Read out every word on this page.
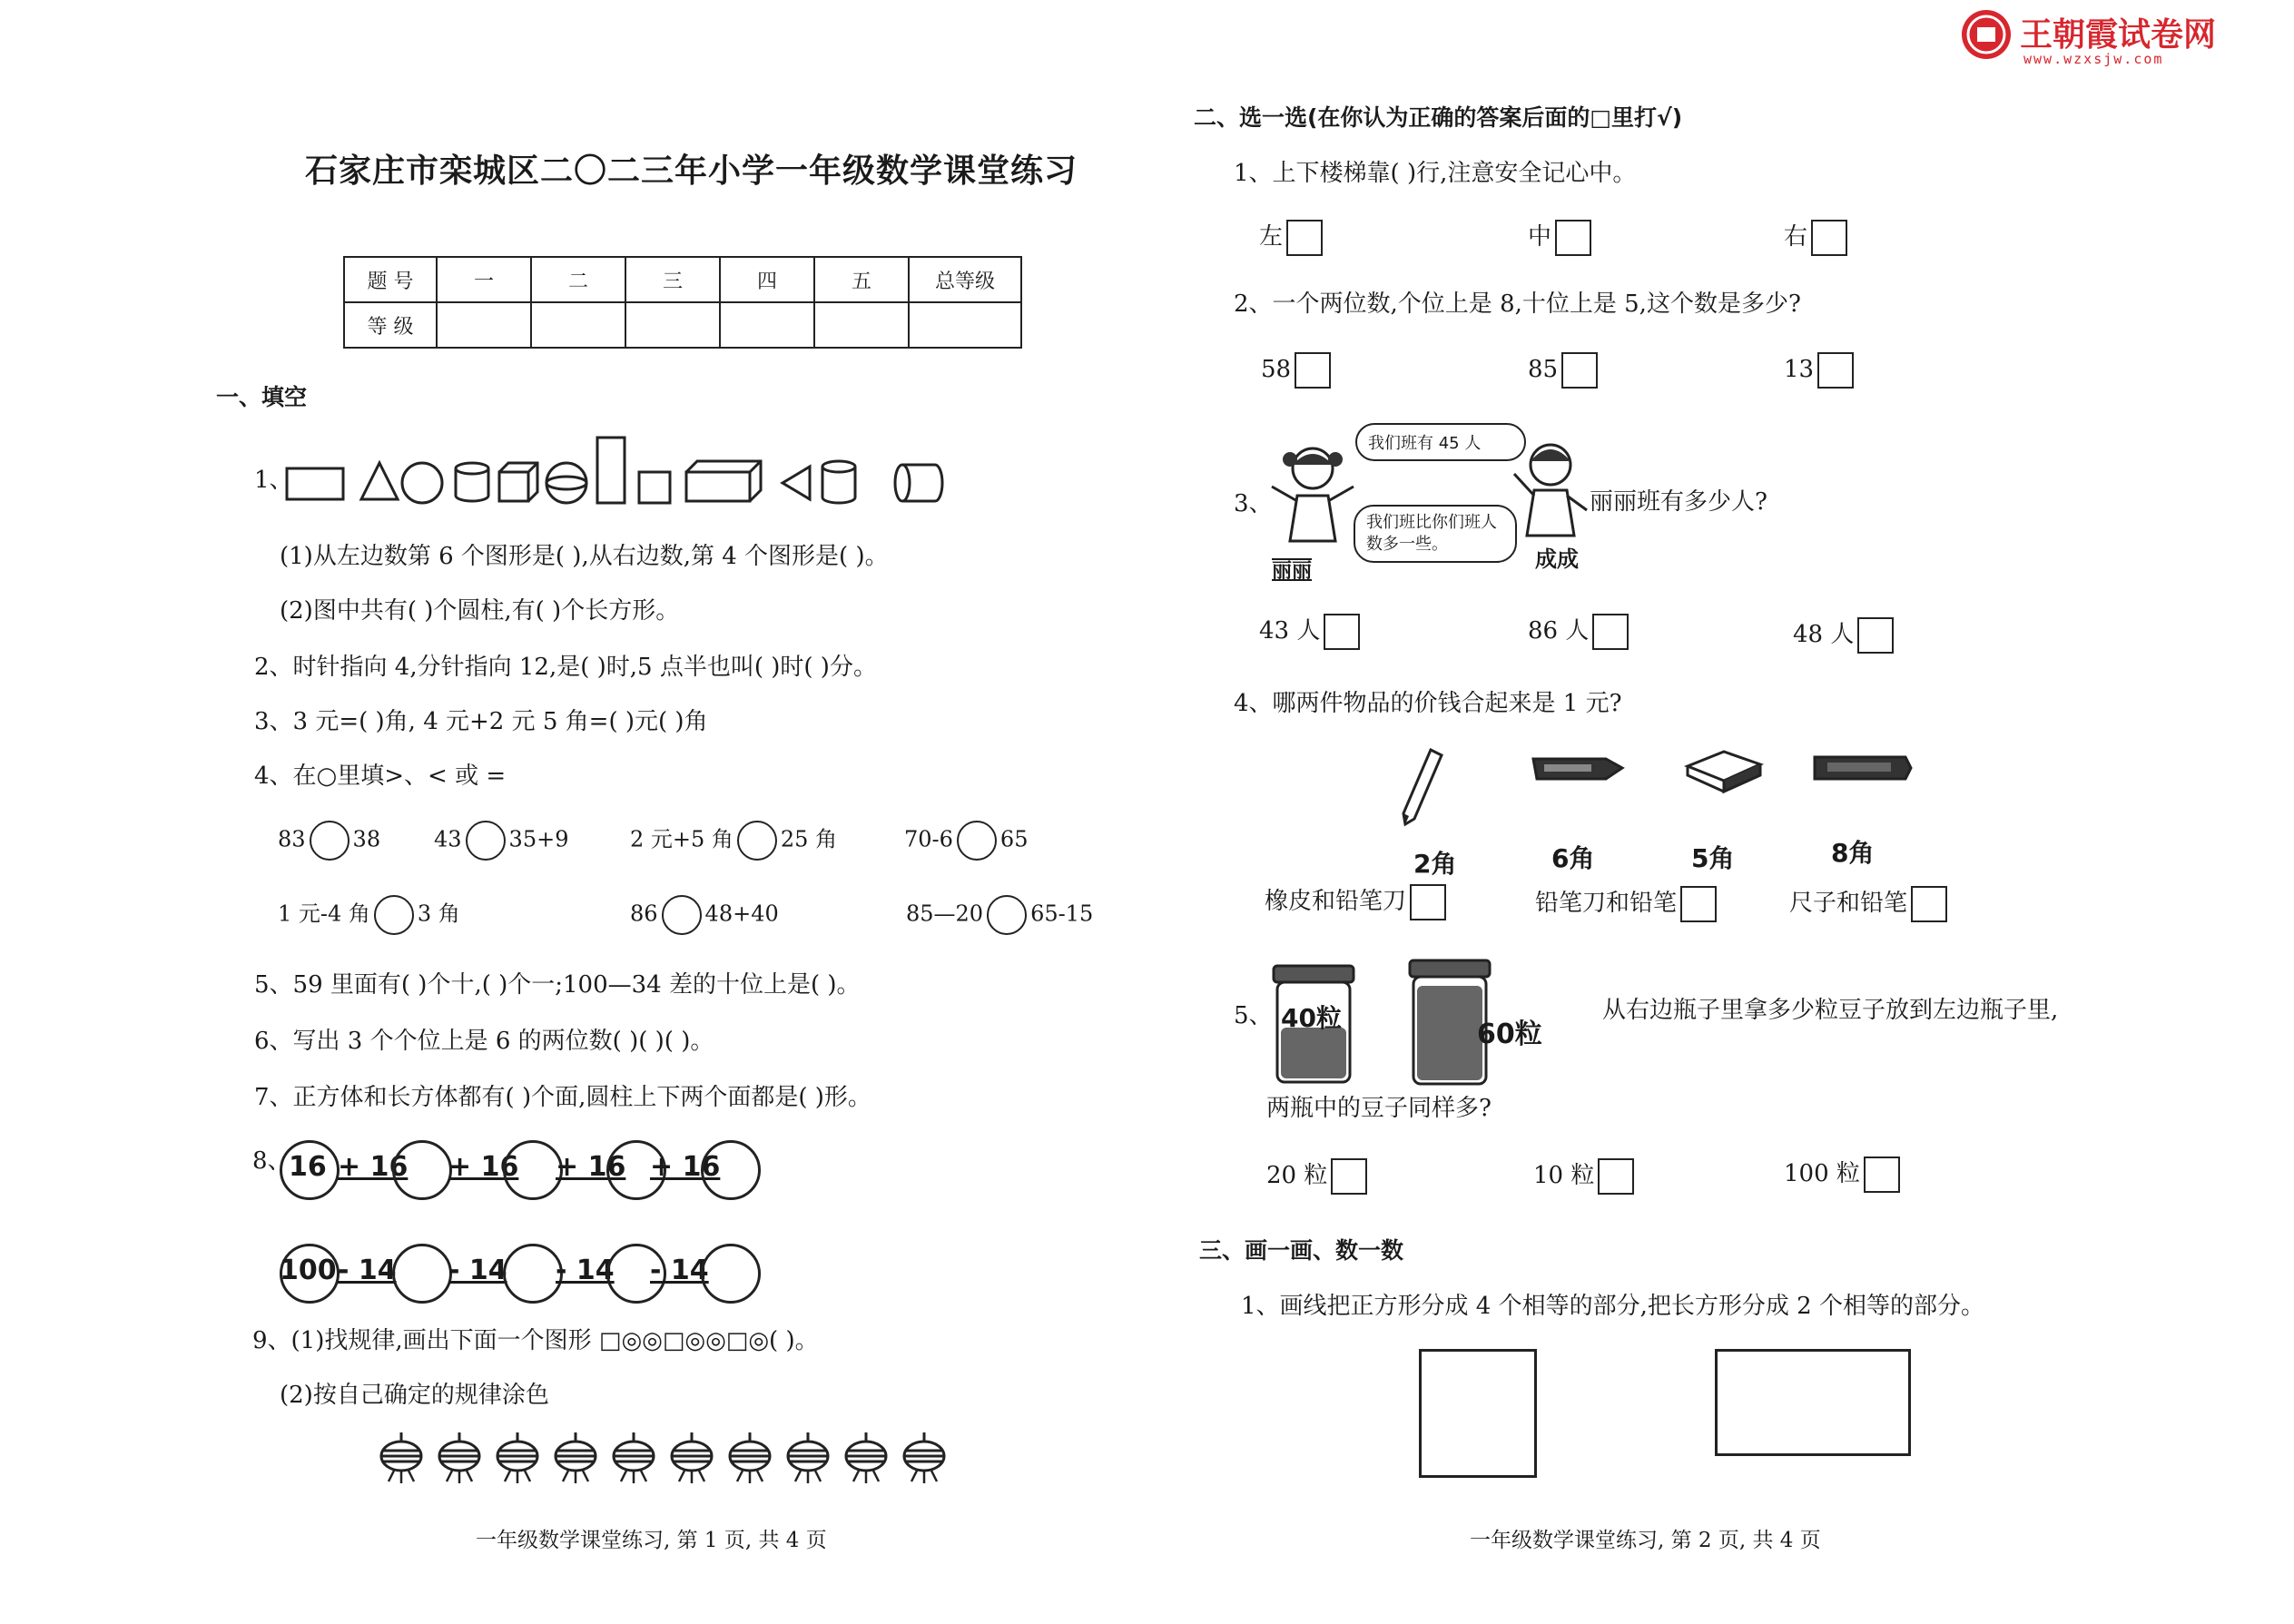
石家庄市栾城区二〇二三年小学一年级数学课堂练习
题 号	一	二	三	四	五	总等级
等 级						
一、填空
1、
(1)从左边数第 6 个图形是( ),从右边数,第 4 个图形是( )。
(2)图中共有( )个圆柱,有( )个长方形。
2、时针指向 4,分针指向 12,是( )时,5 点半也叫( )时( )分。
3、3 元=( )角, 4 元+2 元 5 角=( )元( )角
4、在○里填>、< 或 =
83 38 43 35+9	2 元+5 角 25 角	70-6 65
1 元-4 角 3 角	86 48+40	85—20 65-15
5、59 里面有( )个十,( )个一;100—34 差的十位上是( )。
6、写出 3 个个位上是 6 的两位数( )( )( )。
7、正方体和长方体都有( )个面,圆柱上下两个面都是( )形。
8、
16 + 16 + 16 + 16 + 16
100 - 14 - 14 - 14 - 14
9、(1)找规律,画出下面一个图形 □◎◎□◎◎□◎( )。
(2)按自己确定的规律涂色
一年级数学课堂练习, 第 1 页, 共 4 页
王朝霞试卷网
www.wzxsjw.com
二、选一选(在你认为正确的答案后面的□里打√)
1、上下楼梯靠( )行,注意安全记心中。
左	中	右
2、一个两位数,个位上是 8,十位上是 5,这个数是多少?
58	85	13
3、
丽丽
我们班有 45 人
我们班比你们班人数多一些。
成成
丽丽班有多少人?
43 人	86 人	48 人
4、哪两件物品的价钱合起来是 1 元?
2角	6角	5角	8角
橡皮和铅笔刀	铅笔刀和铅笔	尺子和铅笔
5、 40粒
60粒
从右边瓶子里拿多少粒豆子放到左边瓶子里,
两瓶中的豆子同样多?
20 粒	10 粒	100 粒
三、画一画、数一数
1、画线把正方形分成 4 个相等的部分,把长方形分成 2 个相等的部分。
一年级数学课堂练习, 第 2 页, 共 4 页
